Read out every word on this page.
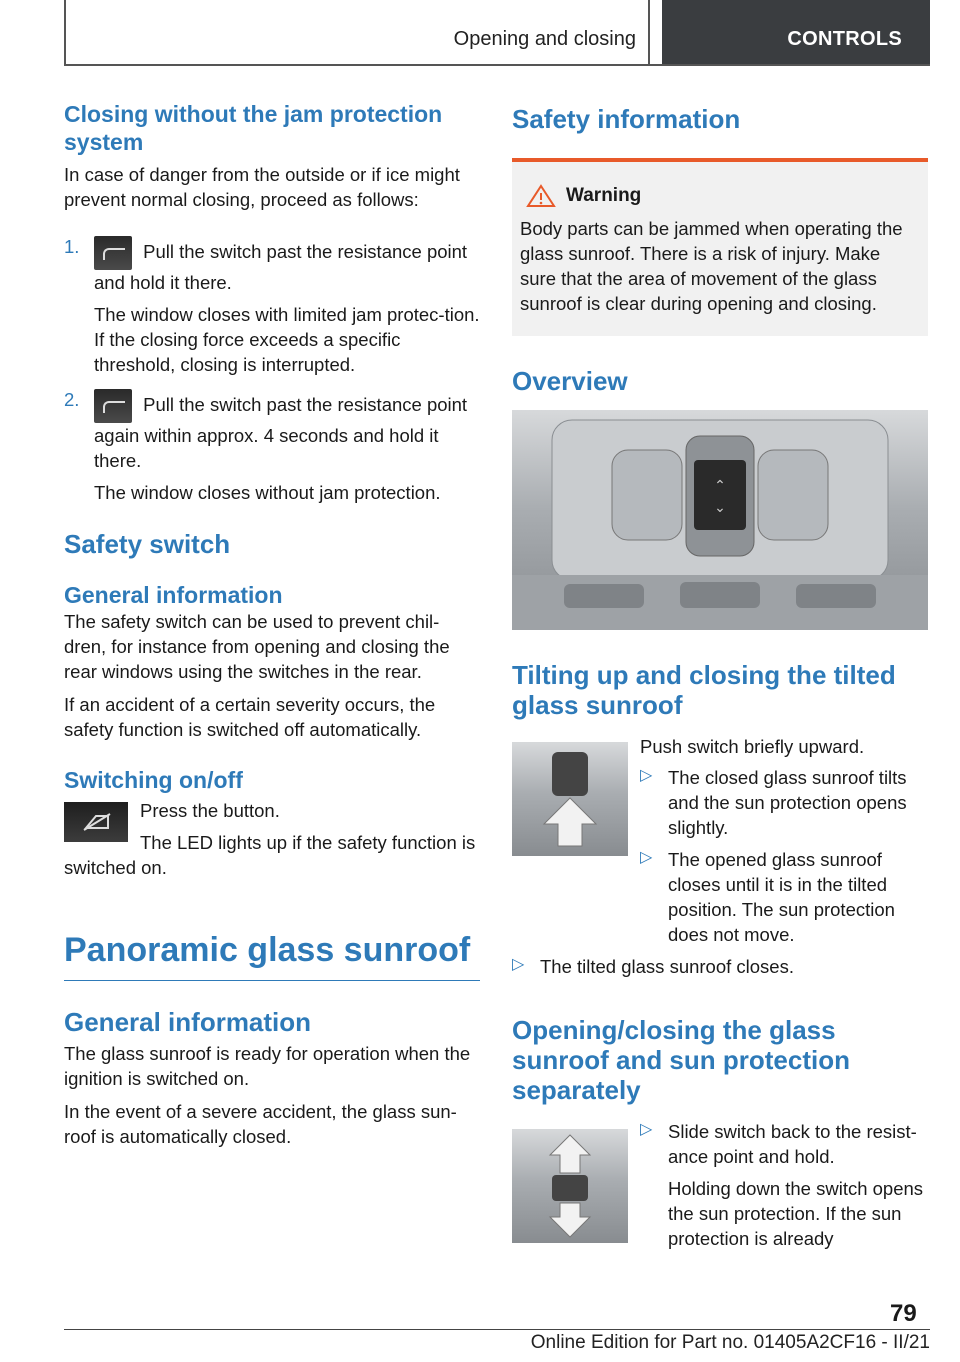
Opening and closing	CONTROLS
Closing without the jam protection system

In case of danger from the outside or if ice might prevent normal closing, proceed as follows:

1.	Pull the switch past the resistance point and hold it there.

The window closes with limited jam protec-tion. If the closing force exceeds a specific threshold, closing is interrupted.

2.	Pull the switch past the resistance point again within approx. 4 seconds and hold it there.

The window closes without jam protection.

Safety switch
General information

The safety switch can be used to prevent chil-dren, for instance from opening and closing the rear windows using the switches in the rear.

If an accident of a certain severity occurs, the safety function is switched off automatically.

Switching on/off

Press the button.

The LED lights up if the safety function is switched on.

Panoramic glass sunroof
General information

The glass sunroof is ready for operation when the ignition is switched on.

In the event of a severe accident, the glass sun-roof is automatically closed.

Safety information
Warning

Body parts can be jammed when operating the glass sunroof. There is a risk of injury. Make sure that the area of movement of the glass sunroof is clear during opening and closing.

Overview
⌃
⌄
Tilting up and closing the tilted glass sunroof

Push switch briefly upward.

▷ The closed glass sunroof tilts and the sun protection opens slightly.

▷ The opened glass sunroof closes until it is in the tilted position. The sun protection does not move.

▷ The tilted glass sunroof closes.

Opening/closing the glass sunroof and sun protection separately
▷ Slide switch back to the resist-ance point and hold.

Holding down the switch opens the sun protection. If the sun protection is already

79
Online Edition for Part no. 01405A2CF16 - II/21
